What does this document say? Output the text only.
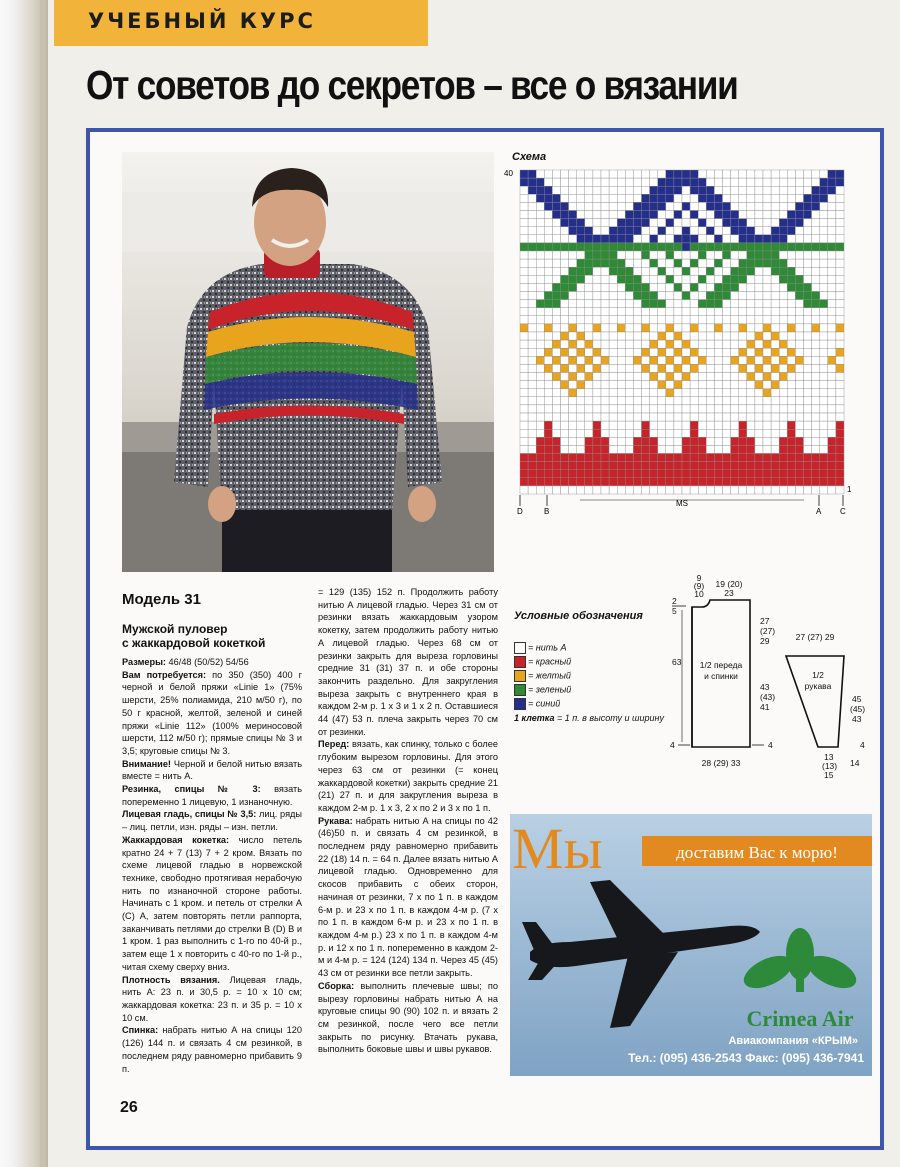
УЧЕБНЫЙ КУРС
От советов до секретов – все о вязании
Схема
40
1
D	B	A C
MS
Модель 31
Мужской пуловер
с жаккардовой кокеткой

Размеры: 46/48 (50/52) 54/56

Вам потребуется: по 350 (350) 400 г черной и белой пряжи «Linie 1» (75% шерсти, 25% полиамида, 210 м/50 г), по 50 г красной, желтой, зеленой и синей пряжи «Linie 112» (100% мериносовой шерсти, 112 м/50 г); прямые спицы № 3 и 3,5; круговые спицы № 3.

Внимание! Черной и белой нитью вязать вместе = нить А.

Резинка, спицы № 3: вязать попеременно 1 лицевую, 1 изнаночную.

Лицевая гладь, спицы № 3,5: лиц. ряды – лиц. петли, изн. ряды – изн. петли.

Жаккардовая кокетка: число петель кратно 24 + 7 (13) 7 + 2 кром. Вязать по схеме лицевой гладью в норвежской технике, свободно протягивая нерабочую нить по изнаночной стороне работы. Начинать с 1 кром. и петель от стрелки А (С) А, затем повторять петли раппорта, заканчивать петлями до стрелки В (D) В и 1 кром. 1 раз выполнить с 1-го по 40-й р., затем еще 1 х повторить с 40-го по 1-й р., читая схему сверху вниз.

Плотность вязания. Лицевая гладь, нить А: 23 п. и 30,5 р. = 10 х 10 см; жаккардовая кокетка: 23 п. и 35 р. = 10 х 10 см.

Спинка: набрать нитью А на спицы 120 (126) 144 п. и связать 4 см резинкой, в последнем ряду равномерно прибавить 9 п.

= 129 (135) 152 п. Продолжить работу нитью А лицевой гладью. Через 31 см от резинки вязать жаккардовым узором кокетку, затем продолжить работу нитью А лицевой гладью. Через 68 см от резинки закрыть для выреза горловины средние 31 (31) 37 п. и обе стороны закончить раздельно. Для закругления выреза закрыть с внутреннего края в каждом 2-м р. 1 х 3 и 1 х 2 п. Оставшиеся 44 (47) 53 п. плеча закрыть через 70 см от резинки.

Перед: вязать, как спинку, только с более глубоким вырезом горловины. Для этого через 63 см от резинки (= конец жаккардовой кокетки) закрыть средние 21 (21) 27 п. и для закругления выреза в каждом 2-м р. 1 х 3, 2 х по 2 и 3 х по 1 п.

Рукава: набрать нитью А на спицы по 42 (46)50 п. и связать 4 см резинкой, в последнем ряду равномерно прибавить 22 (18) 14 п. = 64 п. Далее вязать нитью А лицевой гладью. Одновременно для скосов прибавить с обеих сторон, начиная от резинки, 7 х по 1 п. в каждом 6-м р. и 23 х по 1 п. в каждом 4-м р. (7 х по 1 п. в каждом 6-м р. и 23 х по 1 п. в каждом 4-м р.) 23 х по 1 п. в каждом 4-м р. и 12 х по 1 п. попеременно в каждом 2-м и 4-м р. = 124 (124) 134 п. Через 45 (45) 43 см от резинки все петли закрыть.

Сборка: выполнить плечевые швы; по вырезу горловины набрать нитью А на круговые спицы 90 (90) 102 п. и вязать 2 см резинкой, после чего все петли закрыть по рисунку. Втачать рукава, выполнить боковые швы и швы рукавов.

Условные обозначения
= нить А
= красный
= желтый
= зеленый
= синий
1 клетка = 1 п. в высоту и ширину
1/2 переда
и спинки
9
(9)
10
19 (20)
23
2
5
63
27
(27)
29
43
(43)
41
4	4
28 (29) 33
1/2
рукава
27 (27) 29
45
(45)
43
13
(13)
15
14
4
Мы	доставим Вас к морю!
Crimea Air
Авиакомпания «КРЫМ»
Тел.: (095) 436-2543 Факс: (095) 436-7941
26
